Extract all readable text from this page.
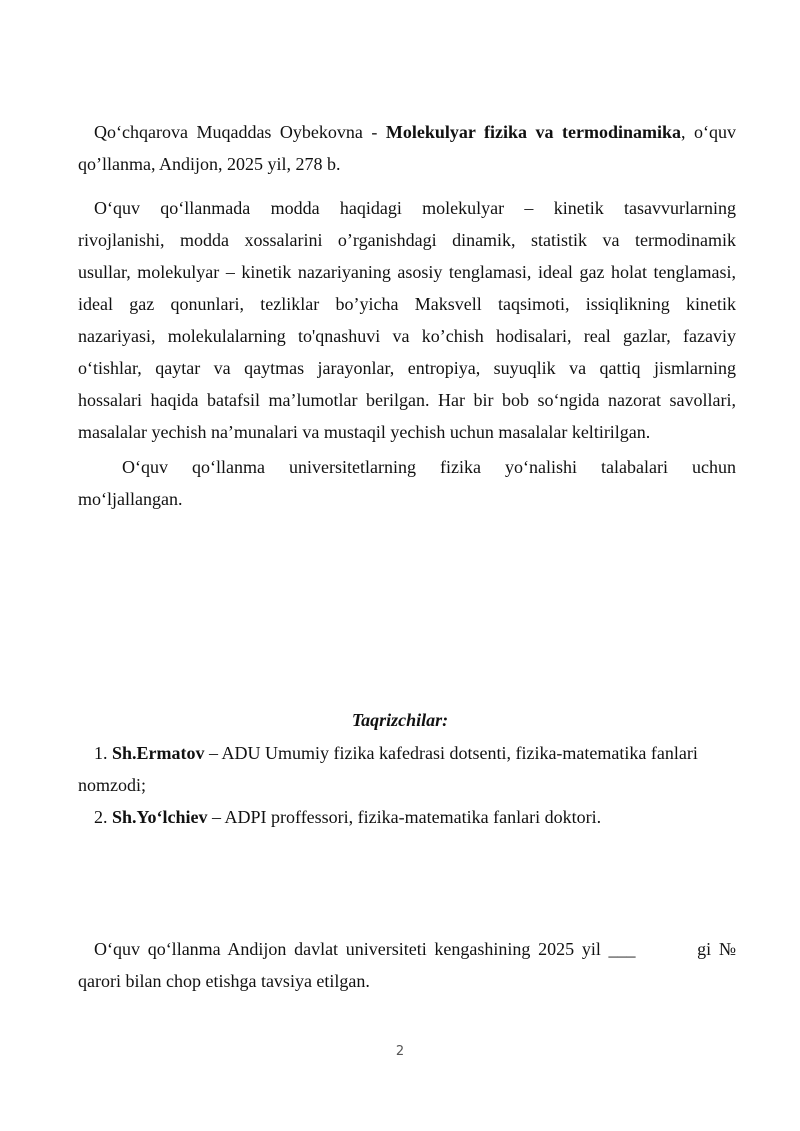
Qo‘chqarova Muqaddas Oybekovna - Molekulyar fizika va termodinamika, o‘quv
qo’llanma, Andijon, 2025 yil, 278 b.
O‘quv qo‘llanmada modda haqidagi molekulyar – kinetik tasavvurlarning
rivojlanishi, modda xossalarini o’rganishdagi dinamik, statistik va termodinamik
usullar, molekulyar – kinetik nazariyaning asosiy tenglamasi, ideal gaz holat tenglamasi,
ideal gaz qonunlari, tezliklar bo’yicha Maksvell taqsimoti, issiqlikning kinetik
nazariyasi, molekulalarning to'qnashuvi va ko’chish hodisalari, real gazlar, fazaviy
o‘tishlar, qaytar va qaytmas jarayonlar, entropiya, suyuqlik va qattiq jismlarning
hossalari haqida batafsil ma’lumotlar berilgan. Har bir bob so‘ngida nazorat savollari,
masalalar yechish na’munalari va mustaqil yechish uchun masalalar keltirilgan.
O‘quv qo‘llanma universitetlarning fizika yo‘nalishi talabalari uchun
mo‘ljallangan.
Taqrizchilar:
1. Sh.Ermatov – ADU Umumiy fizika kafedrasi dotsenti, fizika-matematika fanlari
nomzodi;
2. Sh.Yo‘lchiev – ADPI proffessori, fizika-matematika fanlari doktori.
O‘quv qo‘llanma Andijon davlat universiteti kengashining 2025 yil ___        gi №
qarori bilan chop etishga tavsiya etilgan.
2
